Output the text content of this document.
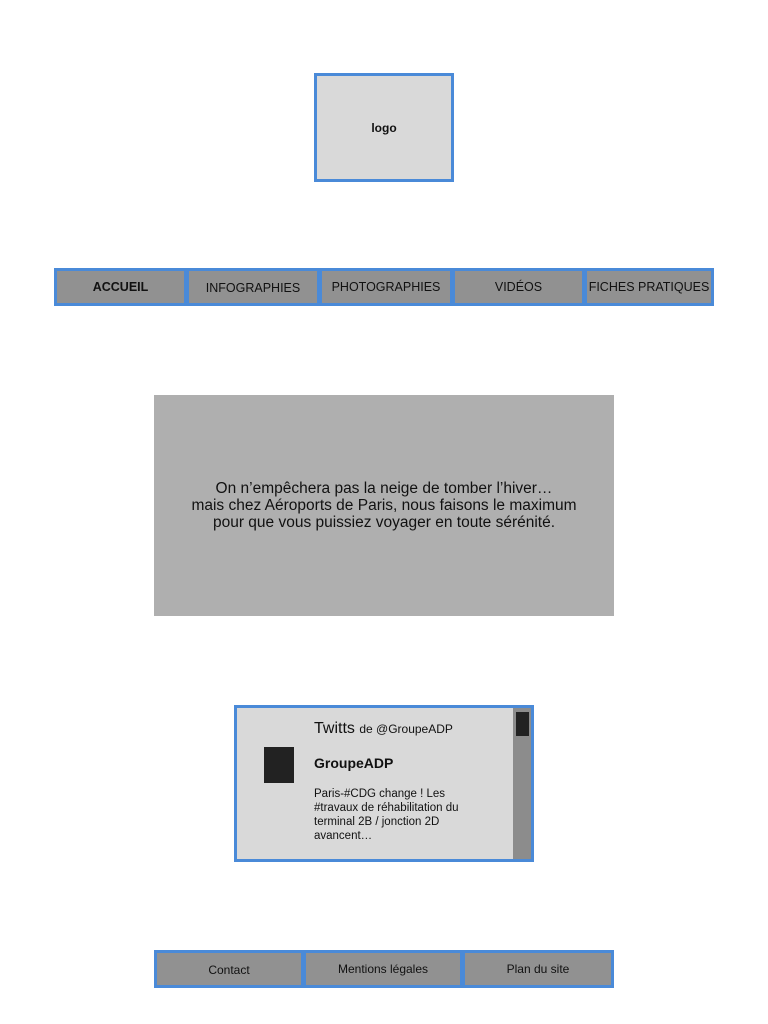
logo
ACCUEIL	INFOGRAPHIES	PHOTOGRAPHIES	VIDÉOS	FICHES PRATIQUES

On n’empêchera pas la neige de tomber l’hiver…
mais chez Aéroports de Paris, nous faisons le maximum
pour que vous puissiez voyager en toute sérénité.

Twitts de @GroupeADP
GroupeADP
Paris-#CDG change ! Les #travaux de réhabilitation du terminal 2B / jonction 2D avancent…
Contact	Mentions légales	Plan du site
